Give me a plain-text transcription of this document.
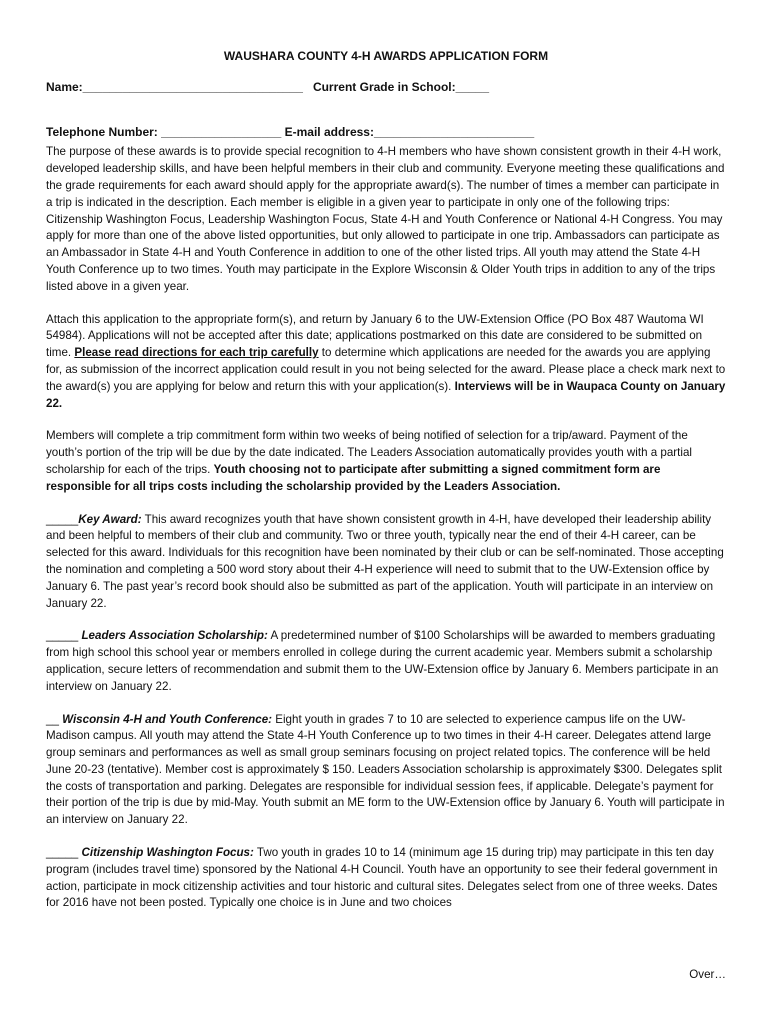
WAUSHARA COUNTY 4-H AWARDS APPLICATION FORM
Name:_________________________________ Current Grade in School:_____
Telephone Number: __________________ E-mail address:________________________

The purpose of these awards is to provide special recognition to 4-H members who have shown consistent growth in their 4-H work, developed leadership skills, and have been helpful members in their club and community. Everyone meeting these qualifications and the grade requirements for each award should apply for the appropriate award(s). The number of times a member can participate in a trip is indicated in the description. Each member is eligible in a given year to participate in only one of the following trips: Citizenship Washington Focus, Leadership Washington Focus, State 4-H and Youth Conference or National 4-H Congress. You may apply for more than one of the above listed opportunities, but only allowed to participate in one trip. Ambassadors can participate as an Ambassador in State 4-H and Youth Conference in addition to one of the other listed trips. All youth may attend the State 4-H Youth Conference up to two times. Youth may participate in the Explore Wisconsin & Older Youth trips in addition to any of the trips listed above in a given year.

Attach this application to the appropriate form(s), and return by January 6 to the UW-Extension Office (PO Box 487 Wautoma WI 54984). Applications will not be accepted after this date; applications postmarked on this date are considered to be submitted on time. Please read directions for each trip carefully to determine which applications are needed for the awards you are applying for, as submission of the incorrect application could result in you not being selected for the award. Please place a check mark next to the award(s) you are applying for below and return this with your application(s). Interviews will be in Waupaca County on January 22.

Members will complete a trip commitment form within two weeks of being notified of selection for a trip/award. Payment of the youth’s portion of the trip will be due by the date indicated. The Leaders Association automatically provides youth with a partial scholarship for each of the trips. Youth choosing not to participate after submitting a signed commitment form are responsible for all trips costs including the scholarship provided by the Leaders Association.

_____Key Award: This award recognizes youth that have shown consistent growth in 4-H, have developed their leadership ability and been helpful to members of their club and community. Two or three youth, typically near the end of their 4-H career, can be selected for this award. Individuals for this recognition have been nominated by their club or can be self-nominated. Those accepting the nomination and completing a 500 word story about their 4-H experience will need to submit that to the UW-Extension office by January 6. The past year’s record book should also be submitted as part of the application. Youth will participate in an interview on January 22.

_____ Leaders Association Scholarship: A predetermined number of $100 Scholarships will be awarded to members graduating from high school this school year or members enrolled in college during the current academic year. Members submit a scholarship application, secure letters of recommendation and submit them to the UW-Extension office by January 6. Members participate in an interview on January 22.

__ Wisconsin 4-H and Youth Conference: Eight youth in grades 7 to 10 are selected to experience campus life on the UW-Madison campus. All youth may attend the State 4-H Youth Conference up to two times in their 4-H career. Delegates attend large group seminars and performances as well as small group seminars focusing on project related topics. The conference will be held June 20-23 (tentative). Member cost is approximately $ 150. Leaders Association scholarship is approximately $300. Delegates split the costs of transportation and parking. Delegates are responsible for individual session fees, if applicable. Delegate’s payment for their portion of the trip is due by mid-May. Youth submit an ME form to the UW-Extension office by January 6. Youth will participate in an interview on January 22.

_____ Citizenship Washington Focus: Two youth in grades 10 to 14 (minimum age 15 during trip) may participate in this ten day program (includes travel time) sponsored by the National 4-H Council. Youth have an opportunity to see their federal government in action, participate in mock citizenship activities and tour historic and cultural sites. Delegates select from one of three weeks. Dates for 2016 have not been posted. Typically one choice is in June and two choices

Over…
